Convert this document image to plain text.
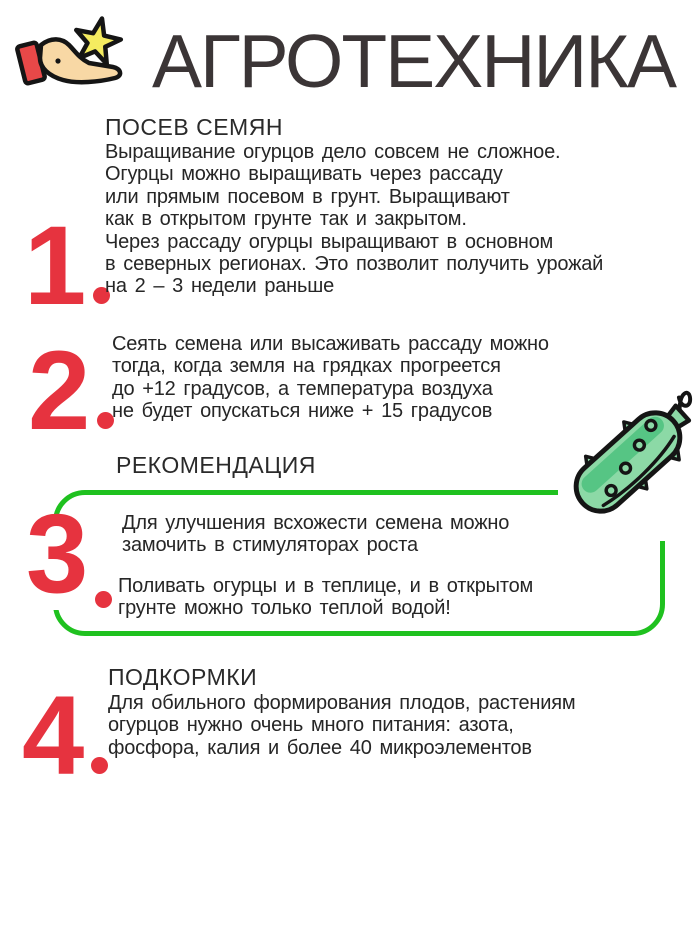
АГРОТЕХНИКА
1
ПОСЕВ СЕМЯН
Выращивание огурцов дело совсем не сложное.
Огурцы можно выращивать через рассаду
или прямым посевом в грунт. Выращивают
как в открытом грунте так и закрытом.
Через рассаду огурцы выращивают в основном
в северных регионах. Это позволит получить урожай
на 2 – 3 недели раньше
2 Сеять семена или высаживать рассаду можно
тогда, когда земля на грядках прогреется
до +12 градусов, а температура воздуха
не будет опускаться ниже + 15 градусов
РЕКОМЕНДАЦИЯ
3 Для улучшения всхожести семена можно
замочить в стимуляторах роста
Поливать огурцы и в теплице, и в открытом
грунте можно только теплой водой!
4 ПОДКОРМКИ
Для обильного формирования плодов, растениям
огурцов нужно очень много питания: азота,
фосфора, калия и более 40 микроэлементов
